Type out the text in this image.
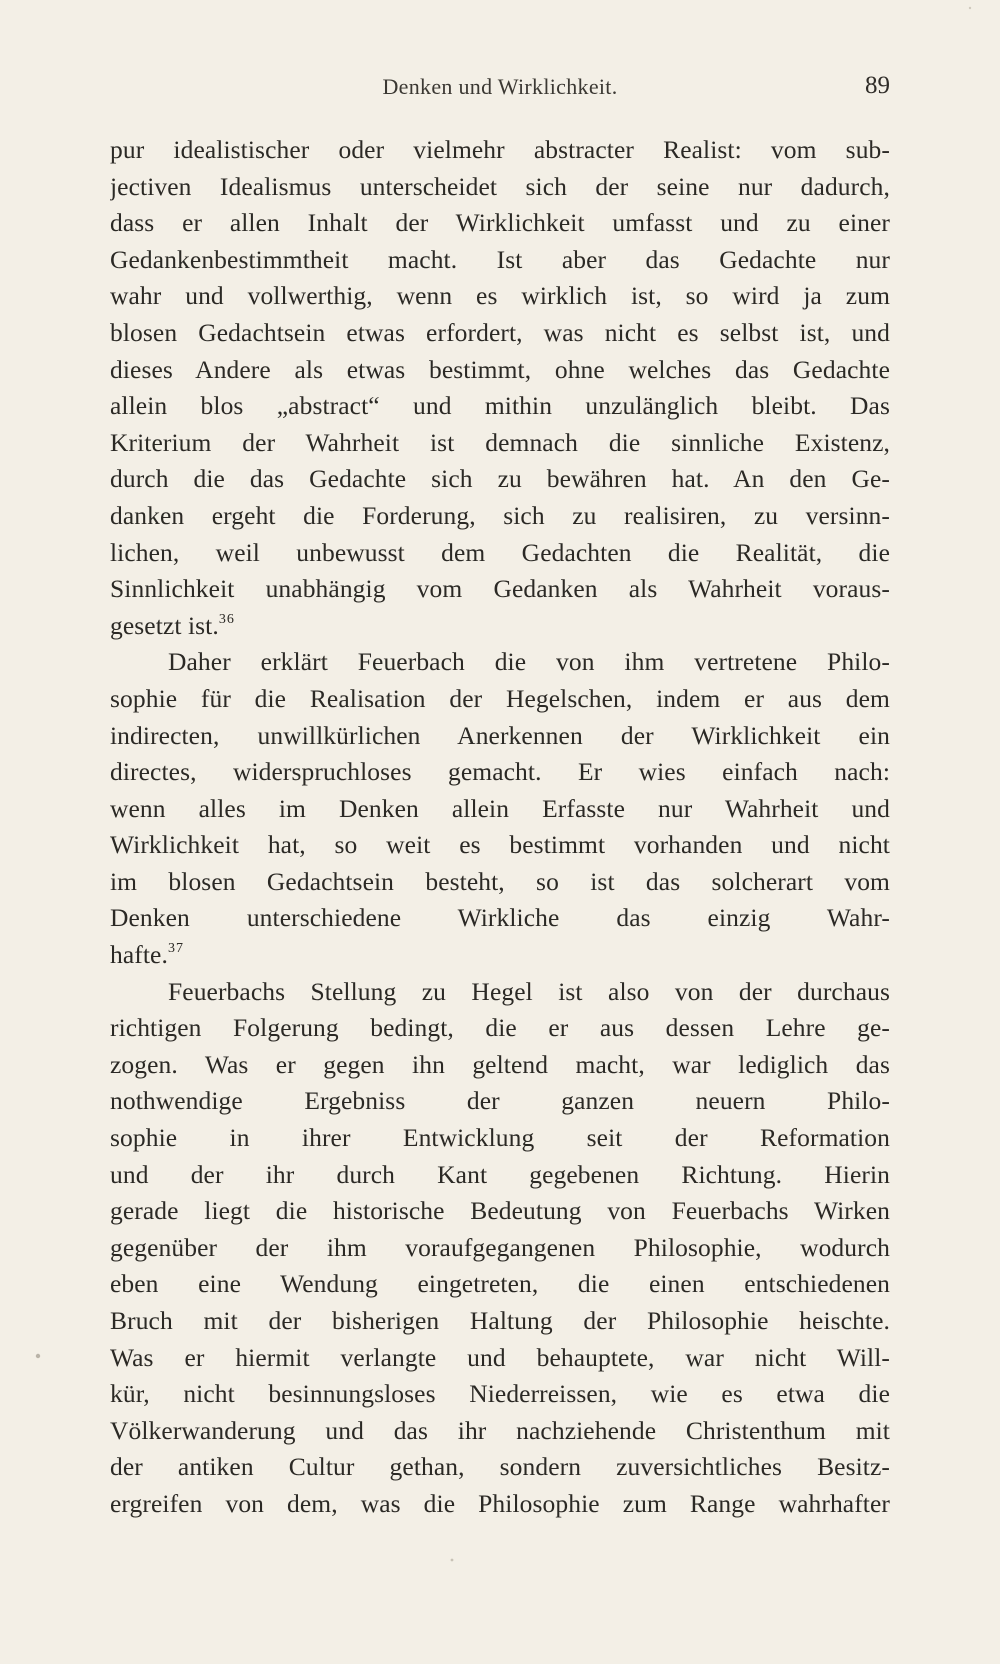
Denken und Wirklichkeit.	89
pur idealistischer oder vielmehr abstracter Realist: vom sub-
jectiven Idealismus unterscheidet sich der seine nur dadurch,
dass er allen Inhalt der Wirklichkeit umfasst und zu einer
Gedankenbestimmtheit macht. Ist aber das Gedachte nur
wahr und vollwerthig, wenn es wirklich ist, so wird ja zum
blosen Gedachtsein etwas erfordert, was nicht es selbst ist, und
dieses Andere als etwas bestimmt, ohne welches das Gedachte
allein blos „abstract“ und mithin unzulänglich bleibt. Das
Kriterium der Wahrheit ist demnach die sinnliche Existenz,
durch die das Gedachte sich zu bewähren hat. An den Ge-
danken ergeht die Forderung, sich zu realisiren, zu versinn-
lichen, weil unbewusst dem Gedachten die Realität, die
Sinnlichkeit unabhängig vom Gedanken als Wahrheit voraus-
gesetzt ist.$^{36}$
Daher erklärt Feuerbach die von ihm vertretene Philo-
sophie für die Realisation der Hegelschen, indem er aus dem
indirecten, unwillkürlichen Anerkennen der Wirklichkeit ein
directes, widerspruchloses gemacht. Er wies einfach nach:
wenn alles im Denken allein Erfasste nur Wahrheit und
Wirklichkeit hat, so weit es bestimmt vorhanden und nicht
im blosen Gedachtsein besteht, so ist das solcherart vom
Denken unterschiedene Wirkliche das einzig Wahr-
hafte.$^{37}$
Feuerbachs Stellung zu Hegel ist also von der durchaus
richtigen Folgerung bedingt, die er aus dessen Lehre ge-
zogen. Was er gegen ihn geltend macht, war lediglich das
nothwendige Ergebniss der ganzen neuern Philo-
sophie in ihrer Entwicklung seit der Reformation
und der ihr durch Kant gegebenen Richtung. Hierin
gerade liegt die historische Bedeutung von Feuerbachs Wirken
gegenüber der ihm voraufgegangenen Philosophie, wodurch
eben eine Wendung eingetreten, die einen entschiedenen
Bruch mit der bisherigen Haltung der Philosophie heischte.
Was er hiermit verlangte und behauptete, war nicht Will-
kür, nicht besinnungsloses Niederreissen, wie es etwa die
Völkerwanderung und das ihr nachziehende Christenthum mit
der antiken Cultur gethan, sondern zuversichtliches Besitz-
ergreifen von dem, was die Philosophie zum Range wahrhafter
